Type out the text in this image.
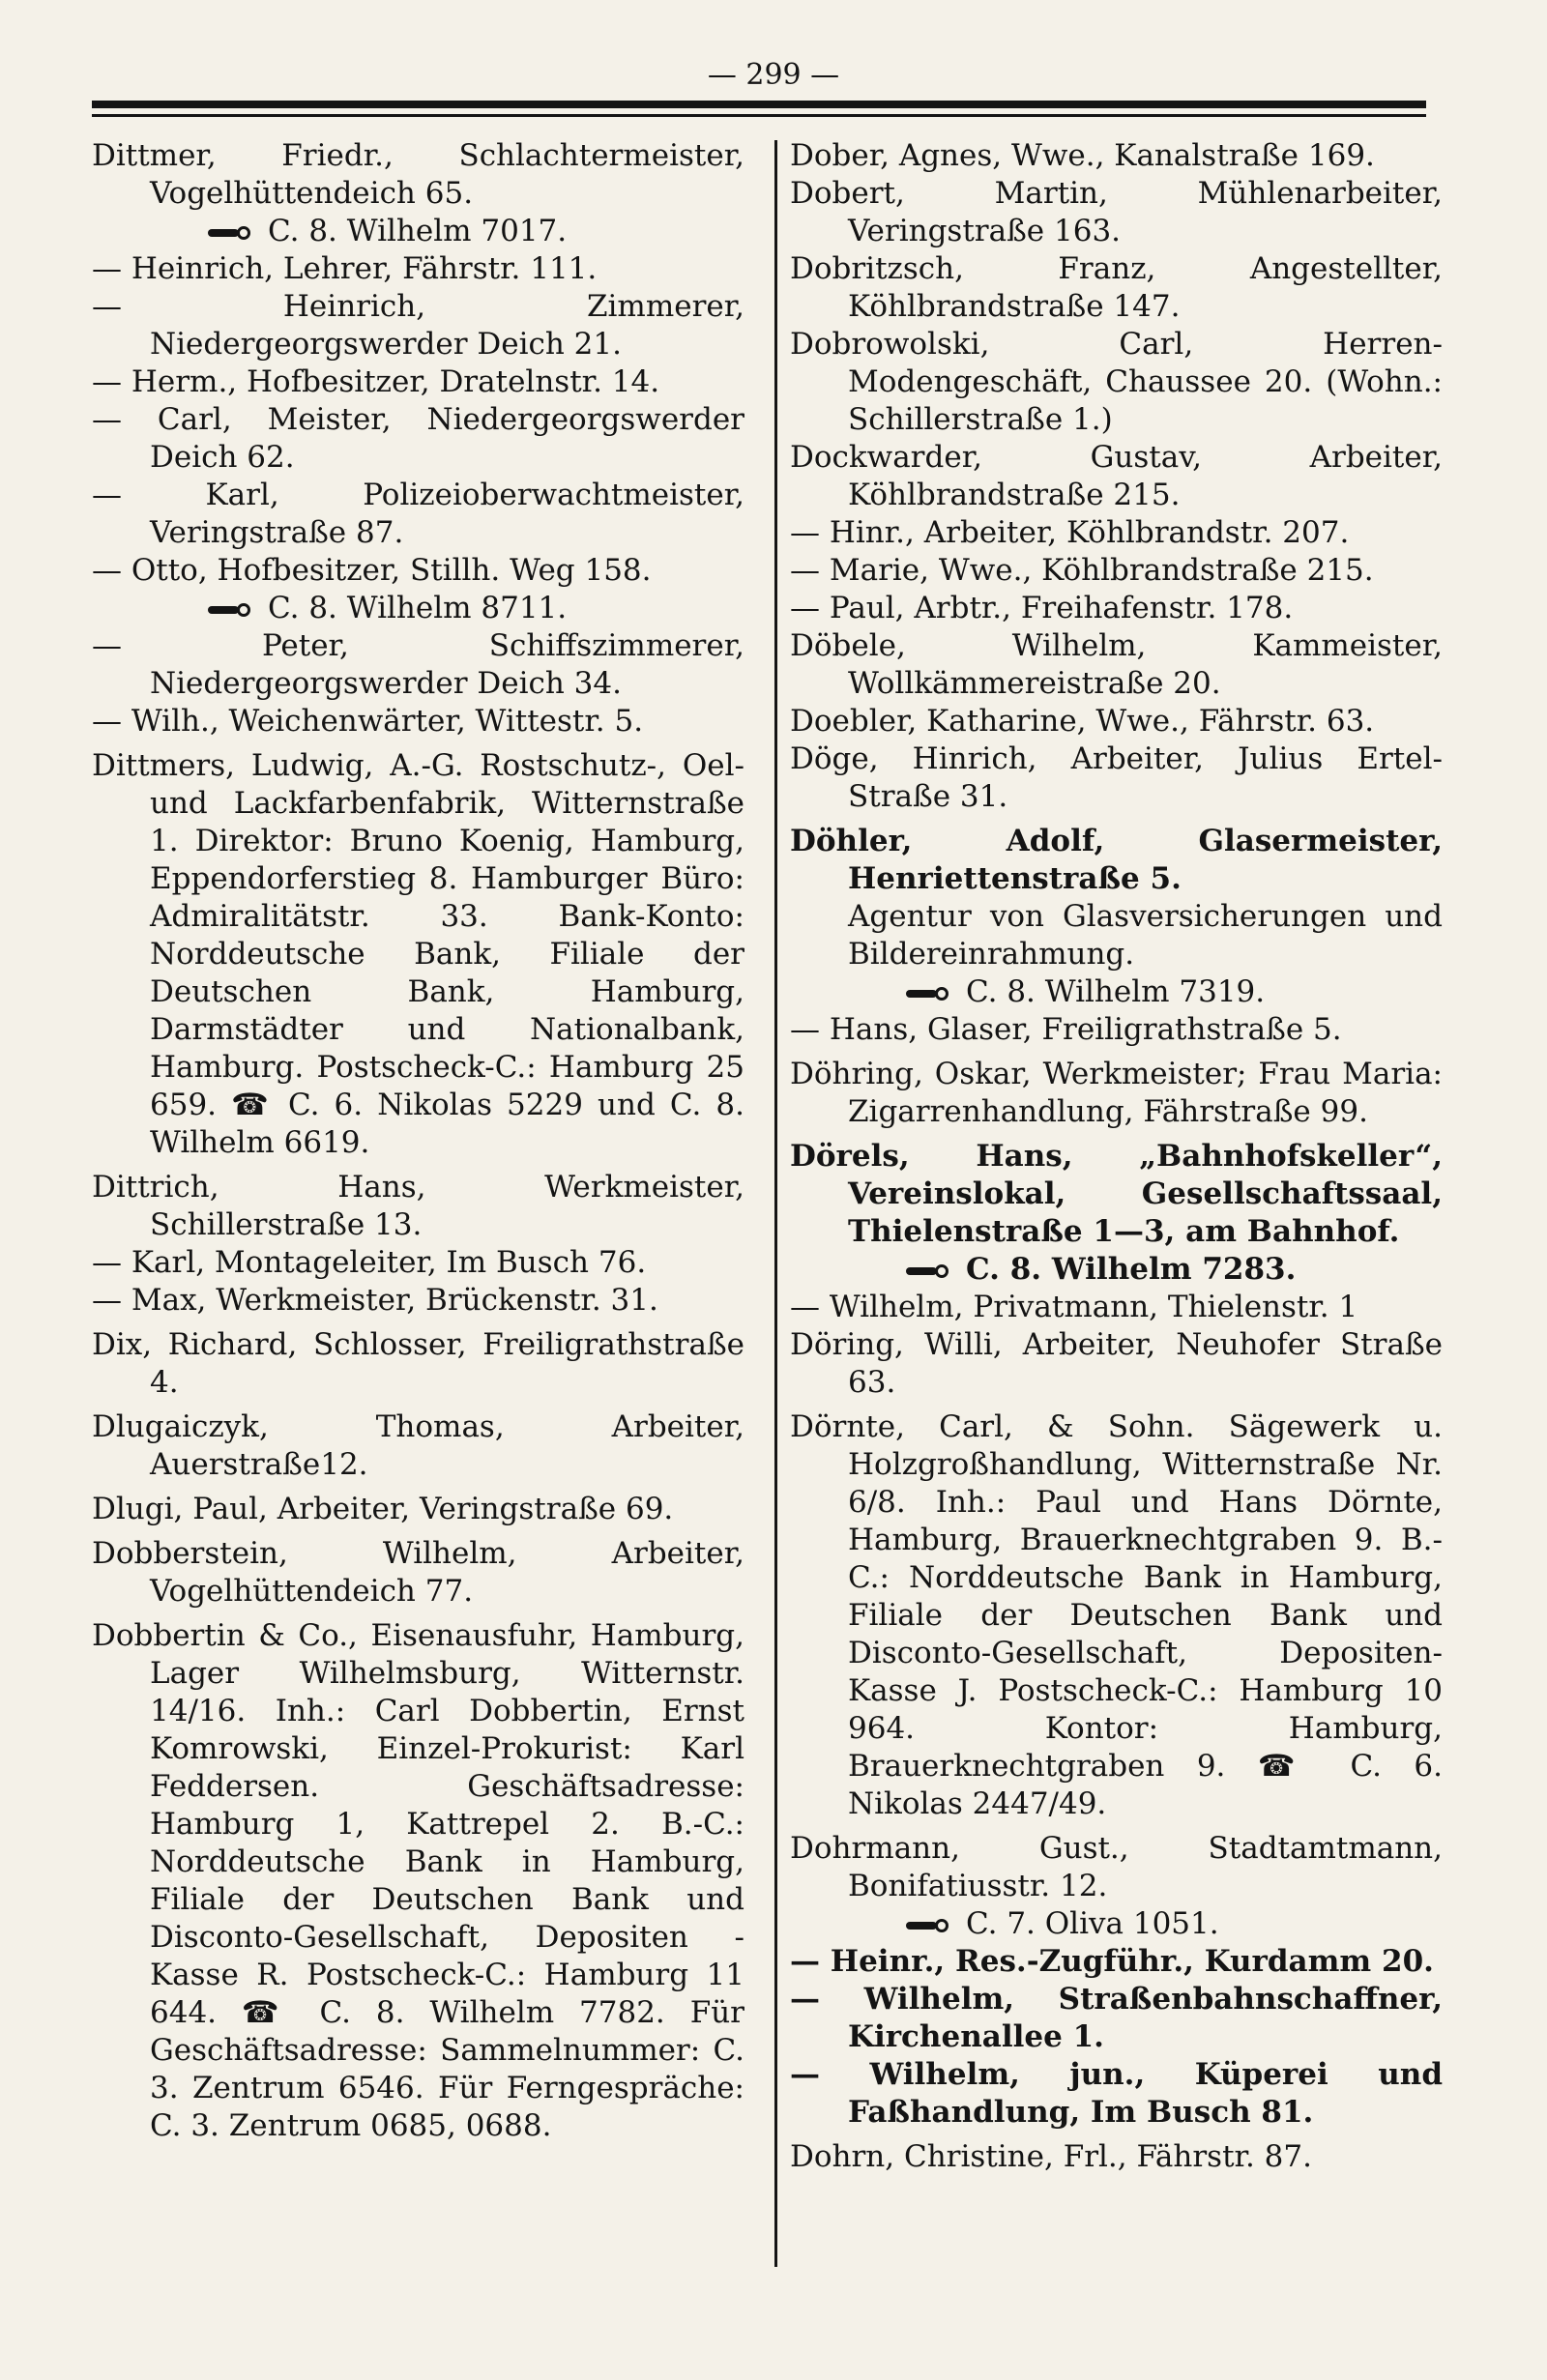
— 299 —

Dittmer, Friedr., Schlachtermeister, Vogelhüttendeich 65.

C. 8. Wilhelm 7017.

— Heinrich, Lehrer, Fährstr. 111.

— Heinrich, Zimmerer, Niedergeorgswerder Deich 21.

— Herm., Hofbesitzer, Dratelnstr. 14.

— Carl, Meister, Niedergeorgswerder Deich 62.

— Karl, Polizeioberwachtmeister, Veringstraße 87.

— Otto, Hofbesitzer, Stillh. Weg 158.

C. 8. Wilhelm 8711.

— Peter, Schiffszimmerer, Niedergeorgswerder Deich 34.

— Wilh., Weichenwärter, Wittestr. 5.

Dittmers, Ludwig, A.-G. Rostschutz-, Oel- und Lackfarbenfabrik, Witternstraße 1. Direktor: Bruno Koenig, Hamburg, Eppendorferstieg 8. Hamburger Büro: Admiralitätstr. 33. Bank-Konto: Norddeutsche Bank, Filiale der Deutschen Bank, Hamburg, Darmstädter und Nationalbank, Hamburg. Postscheck-C.: Hamburg 25 659. ☎ C. 6. Nikolas 5229 und C. 8. Wilhelm 6619.

Dittrich, Hans, Werkmeister, Schillerstraße 13.

— Karl, Montageleiter, Im Busch 76.

— Max, Werkmeister, Brückenstr. 31.

Dix, Richard, Schlosser, Freiligrathstraße 4.

Dlugaiczyk, Thomas, Arbeiter, Auerstraße12.

Dlugi, Paul, Arbeiter, Veringstraße 69.

Dobberstein, Wilhelm, Arbeiter, Vogelhüttendeich 77.

Dobbertin & Co., Eisenausfuhr, Hamburg, Lager Wilhelmsburg, Witternstr. 14/16. Inh.: Carl Dobbertin, Ernst Komrowski, Einzel-Prokurist: Karl Feddersen. Geschäftsadresse: Hamburg 1, Kattrepel 2. B.-C.: Norddeutsche Bank in Hamburg, Filiale der Deutschen Bank und Disconto-Gesellschaft, Depositen - Kasse R. Postscheck-C.: Hamburg 11 644. ☎ C. 8. Wilhelm 7782. Für Geschäftsadresse: Sammelnummer: C. 3. Zentrum 6546. Für Ferngespräche: C. 3. Zentrum 0685, 0688.

Dober, Agnes, Wwe., Kanalstraße 169.

Dobert, Martin, Mühlenarbeiter, Veringstraße 163.

Dobritzsch, Franz, Angestellter, Köhlbrandstraße 147.

Dobrowolski, Carl, Herren-Modengeschäft, Chaussee 20. (Wohn.: Schillerstraße 1.)

Dockwarder, Gustav, Arbeiter, Köhlbrandstraße 215.

— Hinr., Arbeiter, Köhlbrandstr. 207.

— Marie, Wwe., Köhlbrandstraße 215.

— Paul, Arbtr., Freihafenstr. 178.

Döbele, Wilhelm, Kammeister, Wollkämmereistraße 20.

Doebler, Katharine, Wwe., Fährstr. 63.

Döge, Hinrich, Arbeiter, Julius Ertel-Straße 31.

Döhler, Adolf, Glasermeister, Henriettenstraße 5.

Agentur von Glasversicherungen und Bildereinrahmung.

C. 8. Wilhelm 7319.

— Hans, Glaser, Freiligrathstraße 5.

Döhring, Oskar, Werkmeister; Frau Maria: Zigarrenhandlung, Fährstraße 99.

Dörels, Hans, „Bahnhofskeller“, Vereinslokal, Gesellschaftssaal, Thielenstraße 1—3, am Bahnhof.

C. 8. Wilhelm 7283.

— Wilhelm, Privatmann, Thielenstr. 1

Döring, Willi, Arbeiter, Neuhofer Straße 63.

Dörnte, Carl, & Sohn. Sägewerk u. Holzgroßhandlung, Witternstraße Nr. 6/8. Inh.: Paul und Hans Dörnte, Hamburg, Brauerknechtgraben 9. B.-C.: Norddeutsche Bank in Hamburg, Filiale der Deutschen Bank und Disconto-Gesellschaft, Depositen-Kasse J. Postscheck-C.: Hamburg 10 964. Kontor: Hamburg, Brauerknechtgraben 9. ☎ C. 6. Nikolas 2447/49.

Dohrmann, Gust., Stadtamtmann, Bonifatiusstr. 12.

C. 7. Oliva 1051.

— Heinr., Res.-Zugführ., Kurdamm 20.

— Wilhelm, Straßenbahnschaffner, Kirchenallee 1.

— Wilhelm, jun., Küperei und Faßhandlung, Im Busch 81.

Dohrn, Christine, Frl., Fährstr. 87.
